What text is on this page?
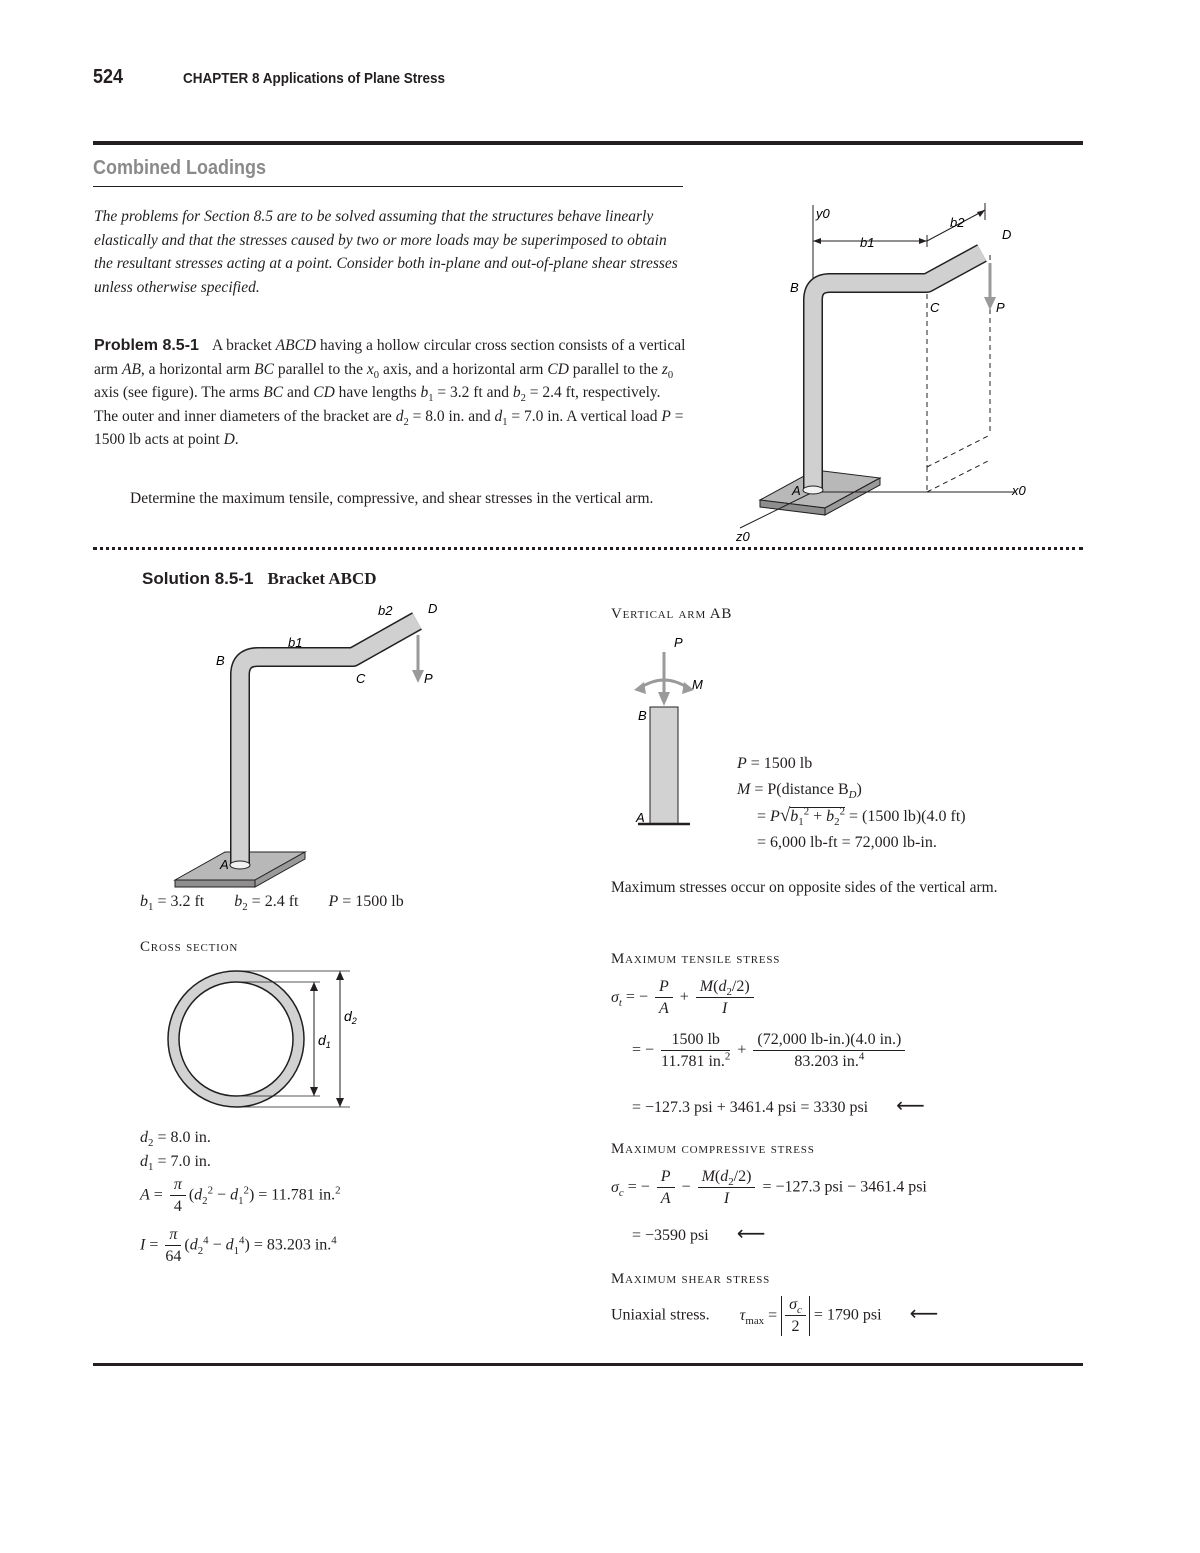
524	CHAPTER 8 Applications of Plane Stress
Combined Loadings
The problems for Section 8.5 are to be solved assuming that the structures behave linearly elastically and that the stresses caused by two or more loads may be superimposed to obtain the resultant stresses acting at a point. Consider both in-plane and out-of-plane shear stresses unless otherwise specified.
Problem 8.5-1 A bracket ABCD having a hollow circular cross section consists of a vertical arm AB, a horizontal arm BC parallel to the $x_0$ axis, and a horizontal arm CD parallel to the $z_0$ axis (see figure). The arms BC and CD have lengths $b_1 = 3.2$ ft and $b_2 = 2.4$ ft, respectively. The outer and inner diameters of the bracket are $d_2 = 8.0$ in. and $d_1 = 7.0$ in. A vertical load P = 1500 lb acts at point D.
Determine the maximum tensile, compressive, and shear stresses in the vertical arm.
y0
b1
b2
D
B
C	P
A	x0
z0
Solution 8.5-1 Bracket ABCD
b1
b2	D
B
C	P
A
$b_1 = 3.2$ ft $b_2 = 2.4$ ft P = 1500 lb
Cross section
$d_1$
$d_2$
$d_2 = 8.0$ in.
$d_1 = 7.0$ in.
$A = \frac{\pi}{4} (d_2^2 - d_1^2) = 11.781$ in.$^2$
$I = \frac{\pi}{64} (d_2^4 - d_1^4) = 83.203$ in.$^4$
Vertical arm AB
P
M
B
A
P = 1500 lb
M = P(distance $B_D$)
= $P√b_1^2 + b_2^2 = (1500$ lb)(4.0 ft)
= 6,000 lb-ft = 72,000 lb-in.
Maximum stresses occur on opposite sides of the vertical arm.
Maximum tensile stress
$\sigma_t$ = − $\frac{P}{A} + \frac{M(d_2/2)}{I}$
= − $\frac{1500 lb}{11.781 in.^2} + \frac{(72,000 lb-in.)(4.0 in.)}{83.203 in.^4}$
= −127.3 psi + 3461.4 psi = 3330 psi ⟵
Maximum compressive stress
$\sigma_c$ = − $\frac{P}{A} - \frac{M(d_2/2)}{I} = -127.3$ psi − 3461.4 psi
= −3590 psi ⟵
Maximum shear stress
Uniaxial stress. $\tau_{max} = \frac{\sigma_c}{2} = 1790$ psi ⟵
